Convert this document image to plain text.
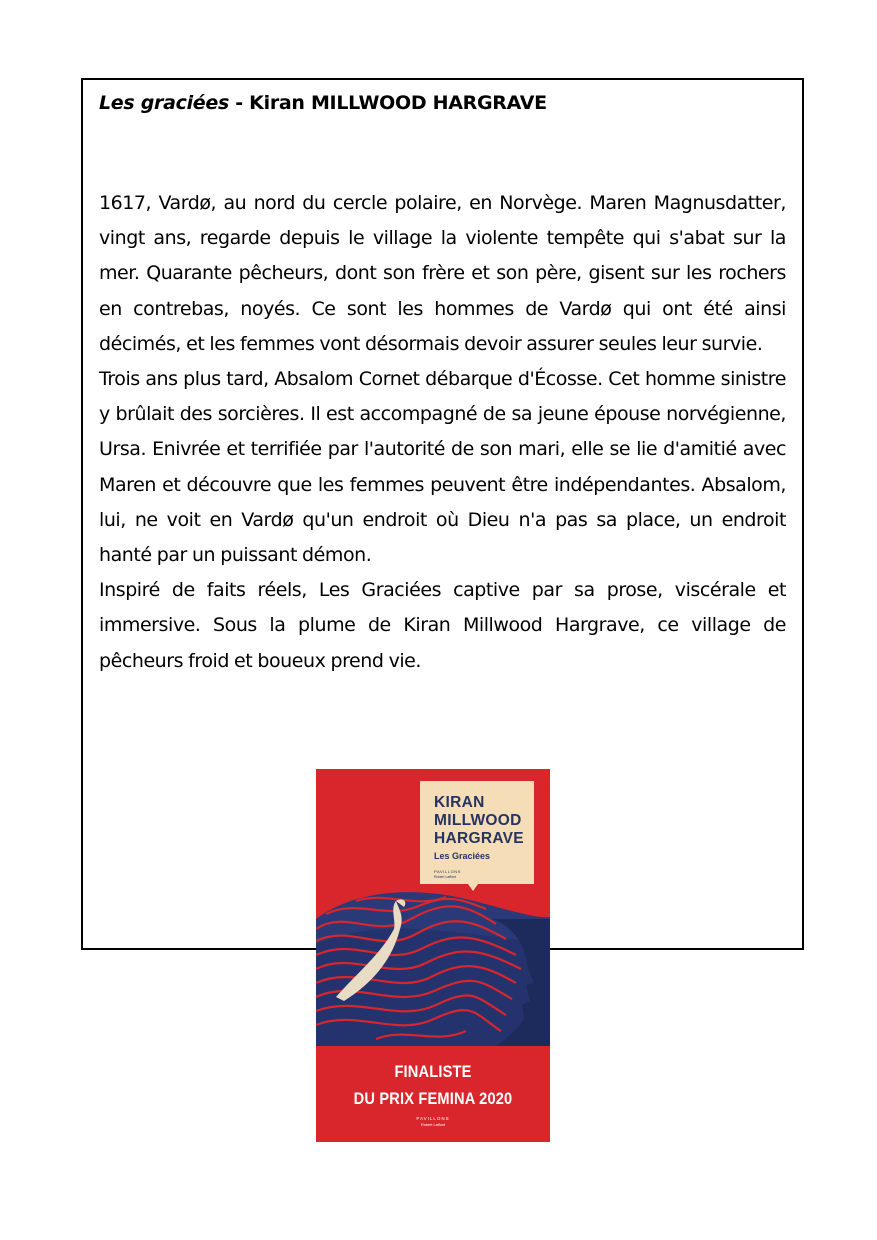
Les graciées - Kiran MILLWOOD HARGRAVE

1617, Vardø, au nord du cercle polaire, en Norvège. Maren Magnusdatter, vingt ans, regarde depuis le village la violente tempête qui s'abat sur la mer. Quarante pêcheurs, dont son frère et son père, gisent sur les rochers en contrebas, noyés. Ce sont les hommes de Vardø qui ont été ainsi décimés, et les femmes vont désormais devoir assurer seules leur survie.

Trois ans plus tard, Absalom Cornet débarque d'Écosse. Cet homme sinistre y brûlait des sorcières. Il est accompagné de sa jeune épouse norvégienne, Ursa. Enivrée et terrifiée par l'autorité de son mari, elle se lie d'amitié avec Maren et découvre que les femmes peuvent être indépendantes. Absalom, lui, ne voit en Vardø qu'un endroit où Dieu n'a pas sa place, un endroit hanté par un puissant démon.

Inspiré de faits réels, Les Graciées captive par sa prose, viscérale et immersive. Sous la plume de Kiran Millwood Hargrave, ce village de pêcheurs froid et boueux prend vie.

KIRAN
MILLWOOD
HARGRAVE
Les Graciées
PAVILLONS
Robert Laffont
FINALISTE
DU PRIX FEMINA 2020
PAVILLONS
Robert Laffont
